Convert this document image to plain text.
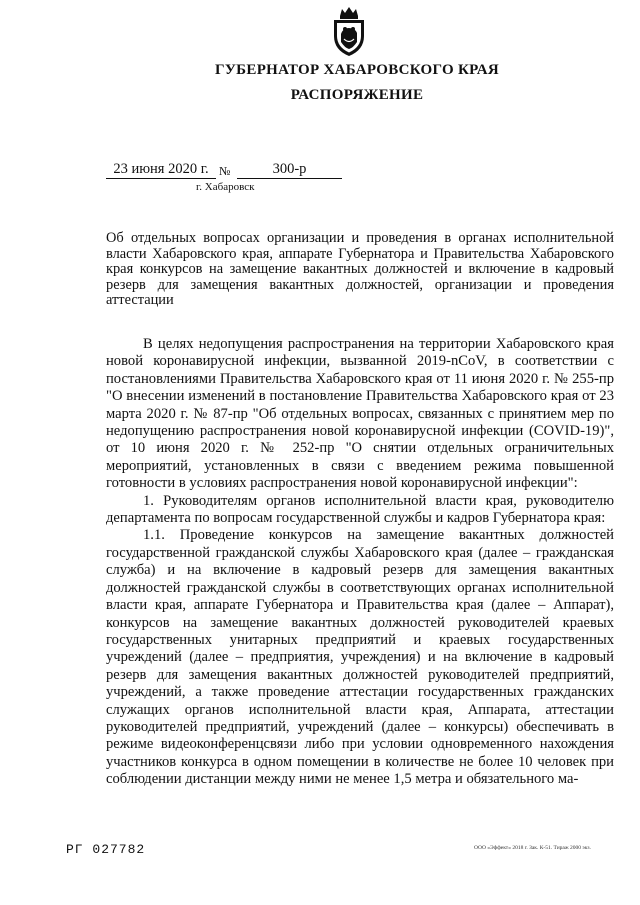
ГУБЕРНАТОР ХАБАРОВСКОГО КРАЯ
РАСПОРЯЖЕНИЕ
23 июня 2020 г. №	300-р
г. Хабаровск
Об отдельных вопросах организации и проведения в органах исполнительной власти Хабаровского края, аппарате Губернатора и Правительства Хабаровского края конкурсов на замещение вакантных должностей и включение в кадровый резерв для замещения вакантных должностей, организации и проведения аттестации

В целях недопущения распространения на территории Хабаровского края новой коронавирусной инфекции, вызванной 2019-nCoV, в соответствии с постановлениями Правительства Хабаровского края от 11 июня 2020 г. № 255-пр "О внесении изменений в постановление Правительства Хабаровского края от 23 марта 2020 г. № 87-пр "Об отдельных вопросах, связанных с принятием мер по недопущению распространения новой коронавирусной инфекции (COVID-19)", от 10 июня 2020 г. № 252-пр "О снятии отдельных ограничительных мероприятий, установленных в связи с введением режима повышенной готовности в условиях распространения новой коронавирусной инфекции":

1. Руководителям органов исполнительной власти края, руководителю департамента по вопросам государственной службы и кадров Губернатора края:

1.1. Проведение конкурсов на замещение вакантных должностей государственной гражданской службы Хабаровского края (далее – гражданская служба) и на включение в кадровый резерв для замещения вакантных должностей гражданской службы в соответствующих органах исполнительной власти края, аппарате Губернатора и Правительства края (далее – Аппарат), конкурсов на замещение вакантных должностей руководителей краевых государственных унитарных предприятий и краевых государственных учреждений (далее – предприятия, учреждения) и на включение в кадровый резерв для замещения вакантных должностей руководителей предприятий, учреждений, а также проведение аттестации государственных гражданских служащих органов исполнительной власти края, Аппарата, аттестации руководителей предприятий, учреждений (далее – конкурсы) обеспечивать в режиме видеоконференцсвязи либо при условии одновременного нахождения участников конкурса в одном помещении в количестве не более 10 человек при соблюдении дистанции между ними не менее 1,5 метра и обязательного ма-

РГ 027782	ООО «Эффект» 2018 г. Зак. К-51. Тираж 2000 экз.
